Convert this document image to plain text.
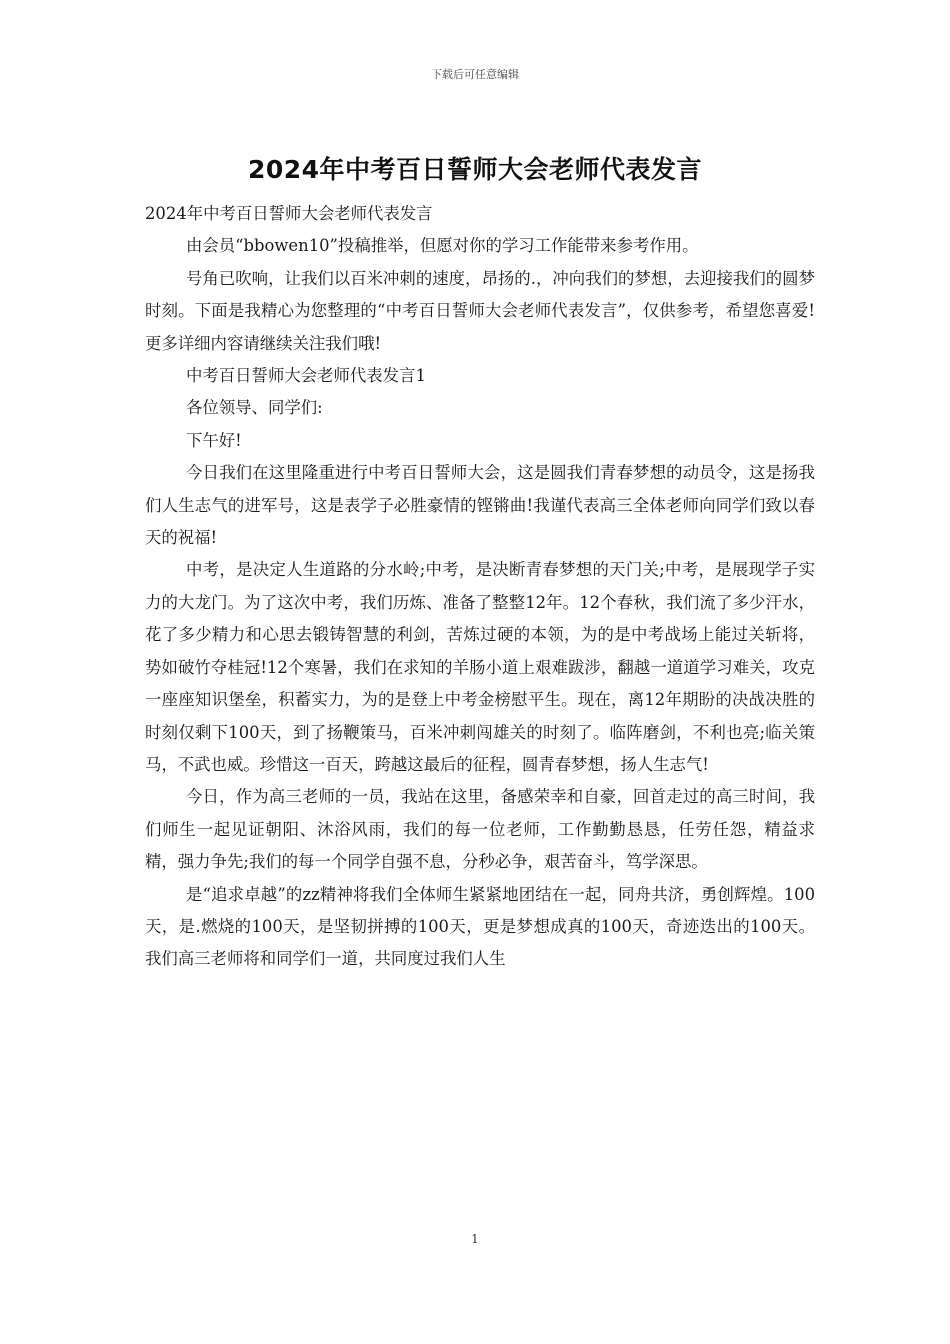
下载后可任意编辑
2024年中考百日誓师大会老师代表发言

2024年中考百日誓师大会老师代表发言

由会员“bbowen10”投稿推举，但愿对你的学习工作能带来参考作用。

号角已吹响，让我们以百米冲刺的速度，昂扬的.，冲向我们的梦想，去迎接我们的圆梦时刻。下面是我精心为您整理的“中考百日誓师大会老师代表发言”，仅供参考，希望您喜爱!更多详细内容请继续关注我们哦!

中考百日誓师大会老师代表发言1

各位领导、同学们:

下午好!

今日我们在这里隆重进行中考百日誓师大会，这是圆我们青春梦想的动员令，这是扬我们人生志气的进军号，这是表学子必胜豪情的铿锵曲!我谨代表高三全体老师向同学们致以春天的祝福!

中考，是决定人生道路的分水岭;中考，是决断青春梦想的天门关;中考，是展现学子实力的大龙门。为了这次中考，我们历炼、准备了整整12年。12个春秋，我们流了多少汗水，花了多少精力和心思去锻铸智慧的利剑，苦炼过硬的本领，为的是中考战场上能过关斩将，势如破竹夺桂冠!12个寒暑，我们在求知的羊肠小道上艰难跋涉，翻越一道道学习难关，攻克一座座知识堡垒，积蓄实力，为的是登上中考金榜慰平生。现在，离12年期盼的决战决胜的时刻仅剩下100天，到了扬鞭策马，百米冲刺闯雄关的时刻了。临阵磨剑，不利也亮;临关策马，不武也威。珍惜这一百天，跨越这最后的征程，圆青春梦想，扬人生志气!

今日，作为高三老师的一员，我站在这里，备感荣幸和自豪，回首走过的高三时间，我们师生一起见证朝阳、沐浴风雨，我们的每一位老师，工作勤勤恳恳，任劳任怨，精益求精，强力争先;我们的每一个同学自强不息，分秒必争，艰苦奋斗，笃学深思。

是“追求卓越”的zz精神将我们全体师生紧紧地团结在一起，同舟共济，勇创辉煌。100天，是.燃烧的100天，是坚韧拼搏的100天，更是梦想成真的100天，奇迹迭出的100天。我们高三老师将和同学们一道，共同度过我们人生

1
